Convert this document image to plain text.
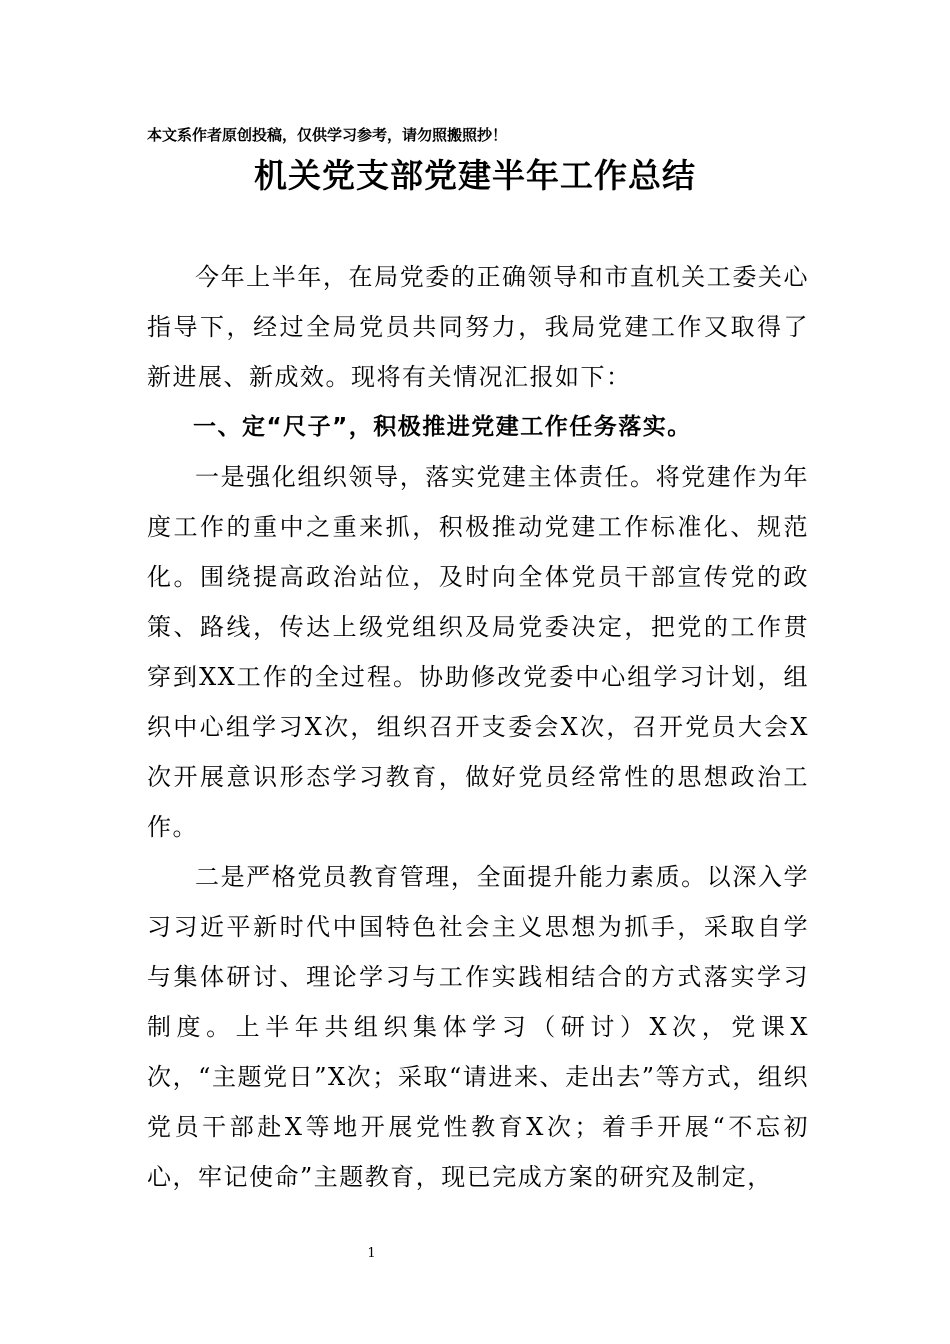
本文系作者原创投稿，仅供学习参考，请勿照搬照抄！
机关党支部党建半年工作总结

今年上半年，在局党委的正确领导和市直机关工委关心指导下，经过全局党员共同努力，我局党建工作又取得了新进展、新成效。现将有关情况汇报如下：

一、定“尺子”，积极推进党建工作任务落实。

一是强化组织领导，落实党建主体责任。将党建作为年度工作的重中之重来抓，积极推动党建工作标准化、规范化。围绕提高政治站位，及时向全体党员干部宣传党的政策、路线，传达上级党组织及局党委决定，把党的工作贯穿到XX工作的全过程。协助修改党委中心组学习计划，组织中心组学习X次，组织召开支委会X次，召开党员大会X次开展意识形态学习教育，做好党员经常性的思想政治工作。

二是严格党员教育管理，全面提升能力素质。以深入学习习近平新时代中国特色社会主义思想为抓手，采取自学与集体研讨、理论学习与工作实践相结合的方式落实学习制度。上半年共组织集体学习（研讨）X次，党课X次，“主题党日”X次；采取“请进来、走出去”等方式，组织党员干部赴X等地开展党性教育X次；着手开展“不忘初心，牢记使命”主题教育，现已完成方案的研究及制定，

1
